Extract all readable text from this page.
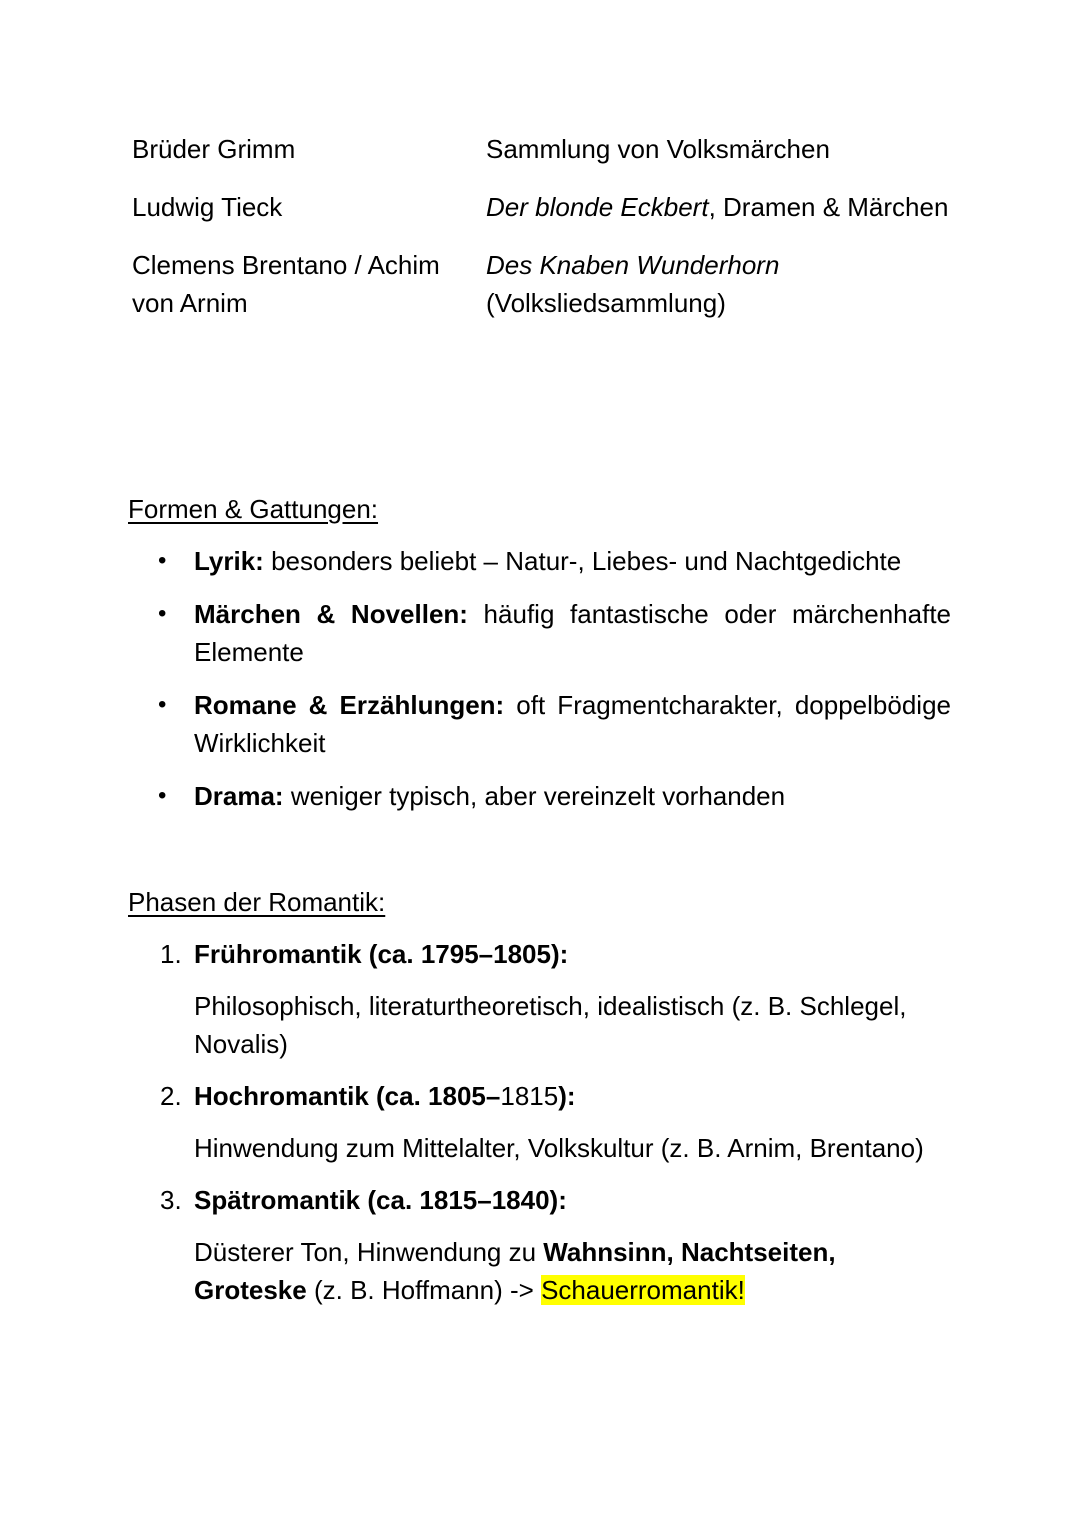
Brüder Grimm	Sammlung von Volksmärchen
Ludwig Tieck	Der blonde Eckbert, Dramen & Märchen
Clemens Brentano / Achim von Arnim
Des Knaben Wunderhorn
(Volksliedsammlung)
Formen & Gattungen:
• Lyrik: besonders beliebt – Natur-, Liebes- und Nachtgedichte
• Märchen & Novellen: häufig fantastische oder märchenhafte Elemente
• Romane & Erzählungen: oft Fragmentcharakter, doppelbödige Wirklichkeit
• Drama: weniger typisch, aber vereinzelt vorhanden
Phasen der Romantik:
1. Frühromantik (ca. 1795–1805):
Philosophisch, literaturtheoretisch, idealistisch (z. B. Schlegel, Novalis)
2. Hochromantik (ca. 1805–1815):
Hinwendung zum Mittelalter, Volkskultur (z. B. Arnim, Brentano)
3. Spätromantik (ca. 1815–1840):
Düsterer Ton, Hinwendung zu Wahnsinn, Nachtseiten, Groteske (z. B. Hoffmann) -> Schauerromantik!
